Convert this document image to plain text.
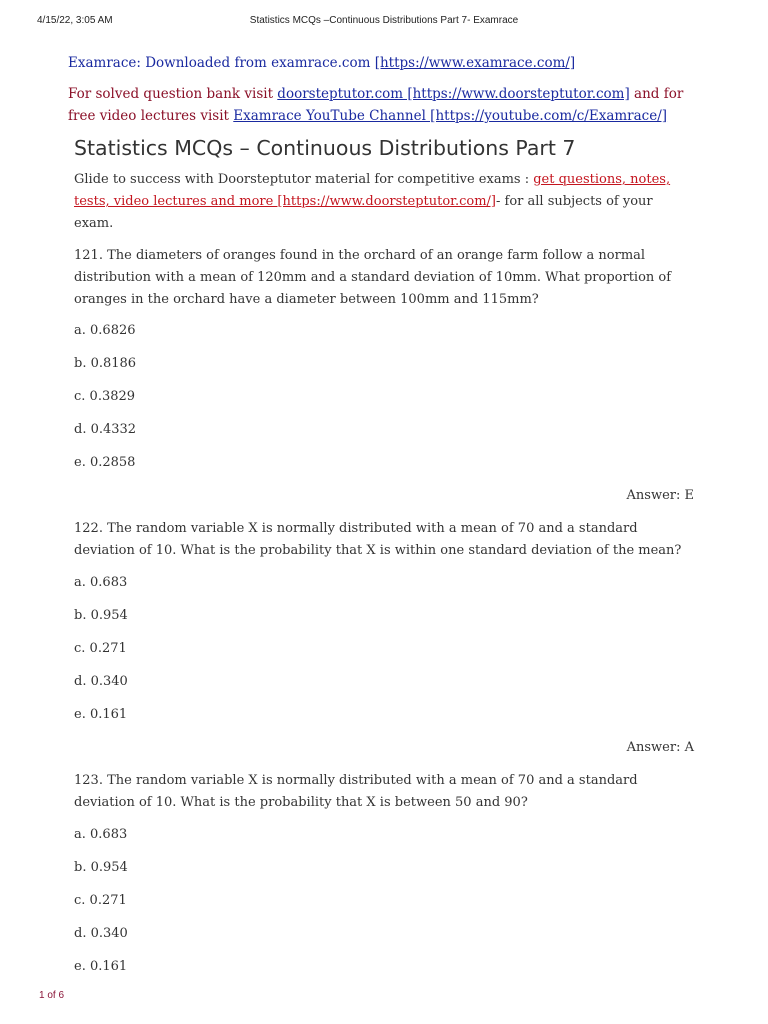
4/15/22, 3:05 AM	Statistics MCQs –Continuous Distributions Part 7- Examrace
Examrace: Downloaded from examrace.com [https://www.examrace.com/]
For solved question bank visit doorsteptutor.com [https://www.doorsteptutor.com] and for free video lectures visit Examrace YouTube Channel [https://youtube.com/c/Examrace/]
Statistics MCQs – Continuous Distributions Part 7
Glide to success with Doorsteptutor material for competitive exams : get questions, notes, tests, video lectures and more [https://www.doorsteptutor.com/]- for all subjects of your exam.
121. The diameters of oranges found in the orchard of an orange farm follow a normal distribution with a mean of 120mm and a standard deviation of 10mm. What proportion of oranges in the orchard have a diameter between 100mm and 115mm?
a. 0.6826
b. 0.8186
c. 0.3829
d. 0.4332
e. 0.2858
Answer: E
122. The random variable X is normally distributed with a mean of 70 and a standard deviation of 10. What is the probability that X is within one standard deviation of the mean?
a. 0.683
b. 0.954
c. 0.271
d. 0.340
e. 0.161
Answer: A
123. The random variable X is normally distributed with a mean of 70 and a standard deviation of 10. What is the probability that X is between 50 and 90?
a. 0.683
b. 0.954
c. 0.271
d. 0.340
e. 0.161
1 of 6
